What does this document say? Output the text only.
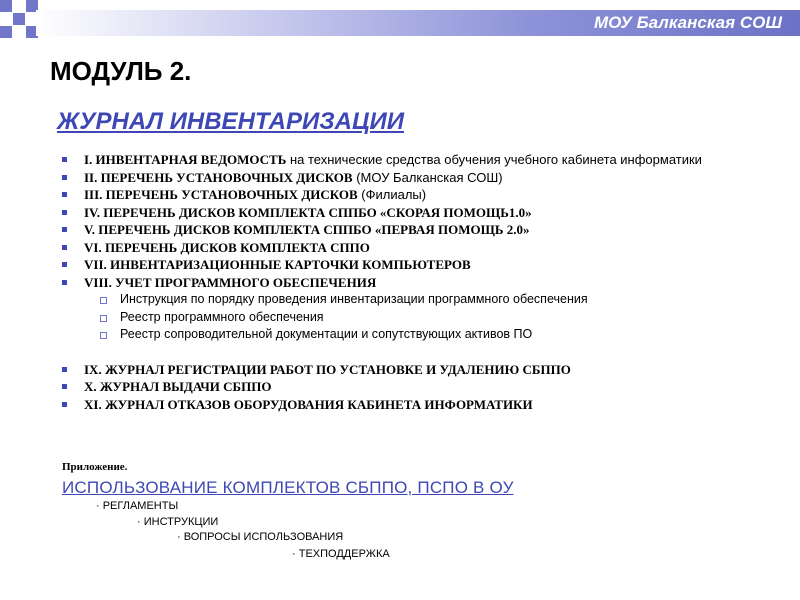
МОУ Балканская СОШ
МОДУЛЬ 2.
ЖУРНАЛ ИНВЕНТАРИЗАЦИИ
I. ИНВЕНТАРНАЯ ВЕДОМОСТЬ на технические средства обучения учебного кабинета информатики
II. ПЕРЕЧЕНЬ УСТАНОВОЧНЫХ ДИСКОВ (МОУ Балканская СОШ)
III. ПЕРЕЧЕНЬ УСТАНОВОЧНЫХ ДИСКОВ (Филиалы)
IV. ПЕРЕЧЕНЬ ДИСКОВ КОМПЛЕКТА СППБО «СКОРАЯ ПОМОЩЬ1.0»
V. ПЕРЕЧЕНЬ ДИСКОВ КОМПЛЕКТА СППБО «ПЕРВАЯ ПОМОЩЬ 2.0»
VI. ПЕРЕЧЕНЬ ДИСКОВ КОМПЛЕКТА СППО
VII. ИНВЕНТАРИЗАЦИОННЫЕ КАРТОЧКИ КОМПЬЮТЕРОВ
VIII. УЧЕТ ПРОГРАММНОГО ОБЕСПЕЧЕНИЯ
Инструкция по порядку проведения инвентаризации программного обеспечения
Реестр программного обеспечения
Реестр сопроводительной документации и сопутствующих активов ПО
IX. ЖУРНАЛ РЕГИСТРАЦИИ РАБОТ ПО УСТАНОВКЕ И УДАЛЕНИЮ СБППО
X. ЖУРНАЛ ВЫДАЧИ СБППО
XI. ЖУРНАЛ ОТКАЗОВ ОБОРУДОВАНИЯ КАБИНЕТА ИНФОРМАТИКИ
Приложение.
ИСПОЛЬЗОВАНИЕ КОМПЛЕКТОВ СБППО, ПСПО В ОУ
· РЕГЛАМЕНТЫ
· ИНСТРУКЦИИ
· ВОПРОСЫ ИСПОЛЬЗОВАНИЯ
· ТЕХПОДДЕРЖКА
